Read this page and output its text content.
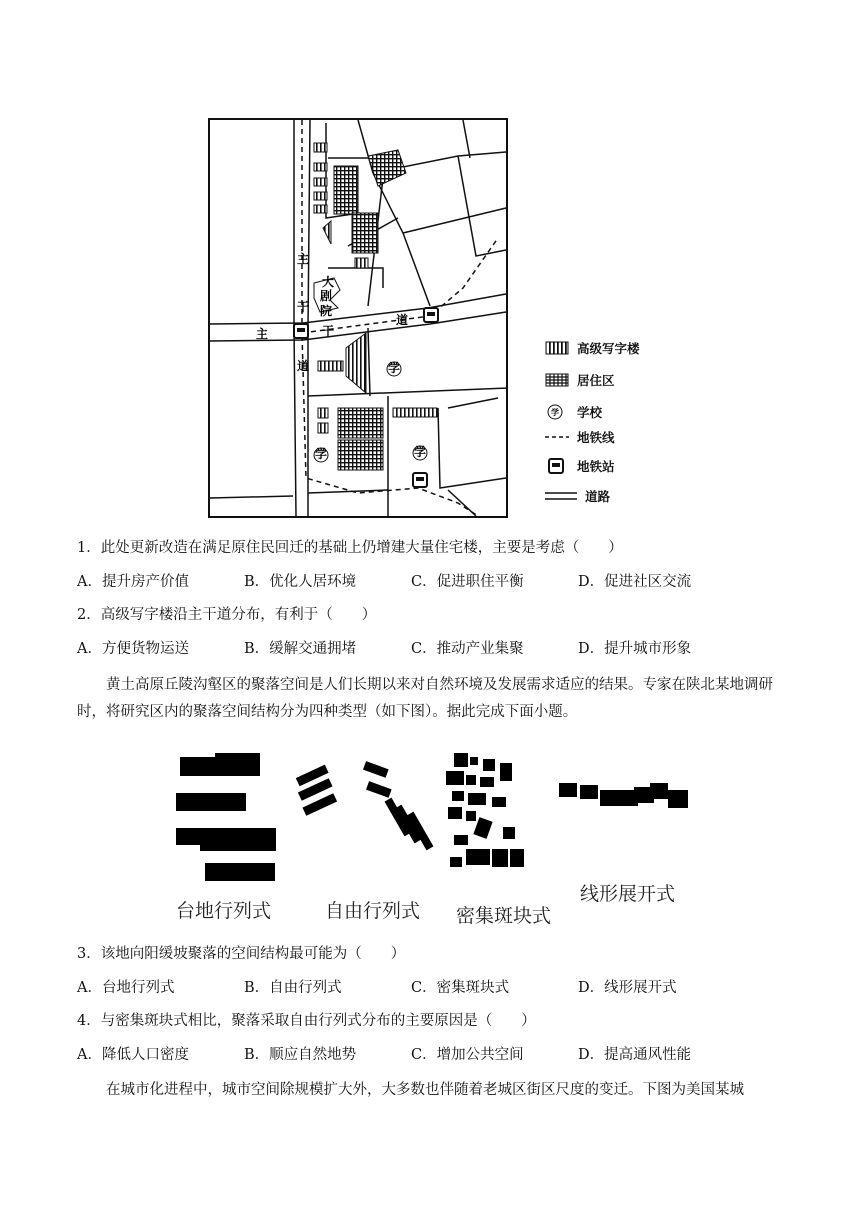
学
学	学
主
干
道
主	干
道
大
剧
院
高级写字楼
居住区
学 学校
地铁线
地铁站
道路
1．此处更新改造在满足原住民回迁的基础上仍增建大量住宅楼，主要是考虑（　　）
A．提升房产价值	B．优化人居环境	C．促进职住平衡	D．促进社区交流
2．高级写字楼沿主干道分布，有利于（　　）
A．方便货物运送	B．缓解交通拥堵	C．推动产业集聚	D．提升城市形象
黄土高原丘陵沟壑区的聚落空间是人们长期以来对自然环境及发展需求适应的结果。专家在陕北某地调研时，将研究区内的聚落空间结构分为四种类型（如下图）。据此完成下面小题。
台地行列式	自由行列式 密集斑块式
线形展开式
3．该地向阳缓坡聚落的空间结构最可能为（　　）
A．台地行列式	B．自由行列式	C．密集斑块式	D．线形展开式
4．与密集斑块式相比，聚落采取自由行列式分布的主要原因是（　　）
A．降低人口密度	B．顺应自然地势	C．增加公共空间	D．提高通风性能
在城市化进程中，城市空间除规模扩大外，大多数也伴随着老城区街区尺度的变迁。下图为美国某城
